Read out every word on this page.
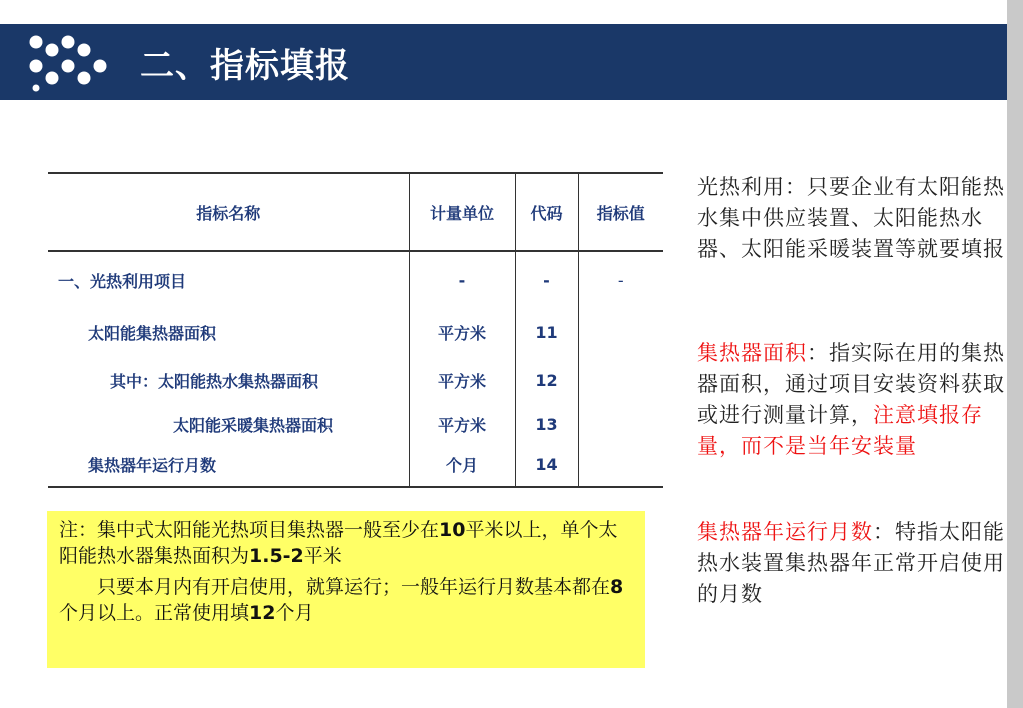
二、指标填报
指标名称	计量单位	代码	指标值
一、光热利用项目	-	-	-
太阳能集热器面积	平方米	11	
其中：太阳能热水集热器面积	平方米	12	
太阳能采暖集热器面积	平方米	13	
集热器年运行月数	个月	14	

注：集中式太阳能光热项目集热器一般至少在10平米以上，单个太阳能热水器集热面积为1.5-2平米

只要本月内有开启使用，就算运行；一般年运行月数基本都在8个月以上。正常使用填12个月

光热利用：只要企业有太阳能热水集中供应装置、太阳能热水器、太阳能采暖装置等就要填报
集热器面积：指实际在用的集热器面积，通过项目安装资料获取或进行测量计算，注意填报存量，而不是当年安装量
集热器年运行月数：特指太阳能热水装置集热器年正常开启使用的月数
